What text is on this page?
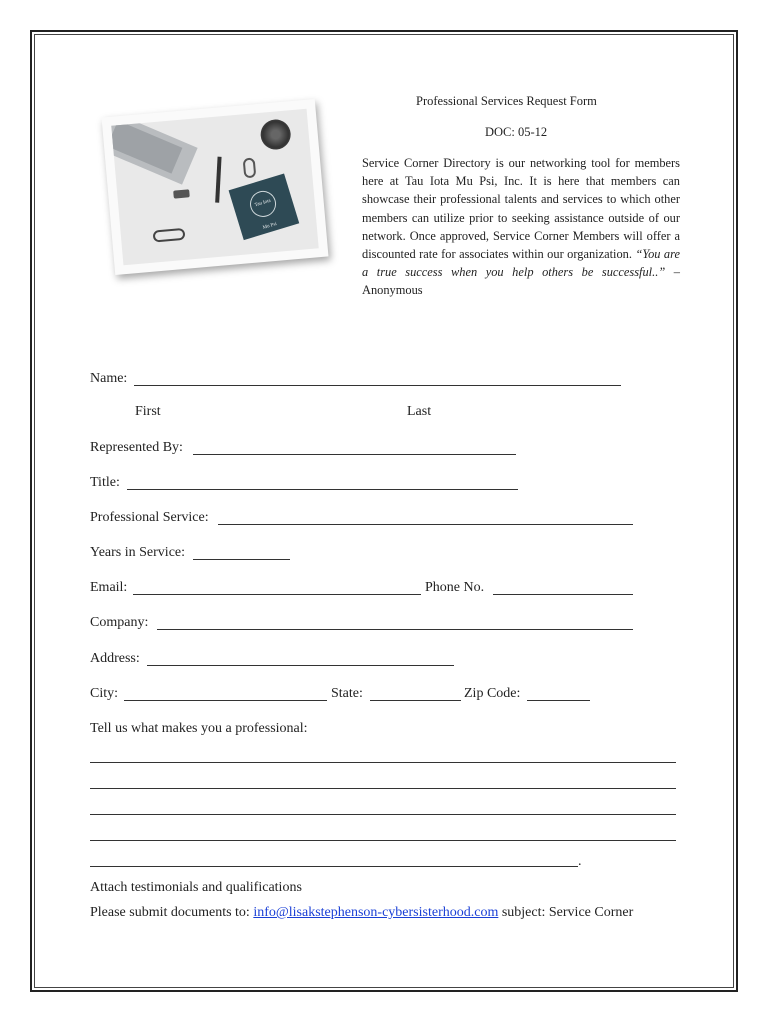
Tau Iota Mu Psi
Professional Services Request Form
DOC: 05-12
Service Corner Directory is our networking tool for members here at Tau Iota Mu Psi, Inc. It is here that members can showcase their professional talents and services to which other members can utilize prior to seeking assistance outside of our network. Once approved, Service Corner Members will offer a discounted rate for associates within our organization. “You are a true success when you help others be successful..” – Anonymous
Name:
First	Last
Represented By:
Title:
Professional Service:
Years in Service:
Email:	Phone No.
Company:
Address:
City:	State:	Zip Code:
Tell us what makes you a professional:
.
Attach testimonials and qualifications
Please submit documents to: info@lisakstephenson-cybersisterhood.com subject: Service Corner
